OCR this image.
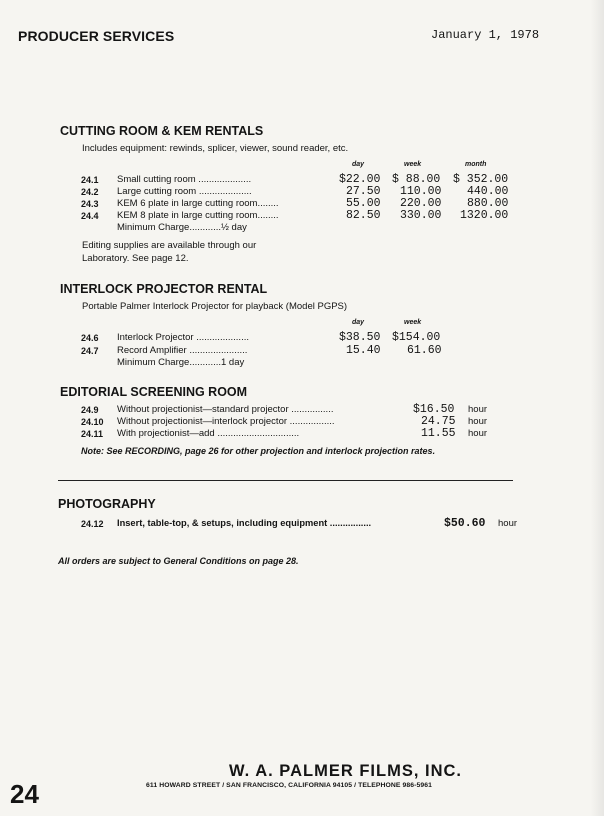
PRODUCER SERVICES	January 1, 1978
CUTTING ROOM & KEM RENTALS
Includes equipment: rewinds, splicer, viewer, sound reader, etc.
day	week	month
24.1 Small cutting room ....................	$22.00 $ 88.00 $ 352.00
24.2 Large cutting room ....................	27.50 110.00 440.00
24.3 KEM 6 plate in large cutting room........	55.00 220.00 880.00
24.4 KEM 8 plate in large cutting room........	82.50 330.00 1320.00
Minimum Charge............½ day
Editing supplies are available through our
Laboratory. See page 12.
INTERLOCK PROJECTOR RENTAL
Portable Palmer Interlock Projector for playback (Model PGPS)
day	week
24.6 Interlock Projector ....................	$38.50 $154.00
24.7 Record Amplifier ......................	15.40 61.60
Minimum Charge............1 day
EDITORIAL SCREENING ROOM
24.9 Without projectionist—standard projector ................	$16.50 hour
24.10 Without projectionist—interlock projector .................	24.75 hour
24.11 With projectionist—add ...............................	11.55 hour
Note: See RECORDING, page 26 for other projection and interlock projection rates.
PHOTOGRAPHY
24.12 Insert, table-top, & setups, including equipment ................	$50.60 hour
All orders are subject to General Conditions on page 28.
24
W. A. PALMER FILMS, INC.
611 HOWARD STREET / SAN FRANCISCO, CALIFORNIA 94105 / TELEPHONE 986-5961
